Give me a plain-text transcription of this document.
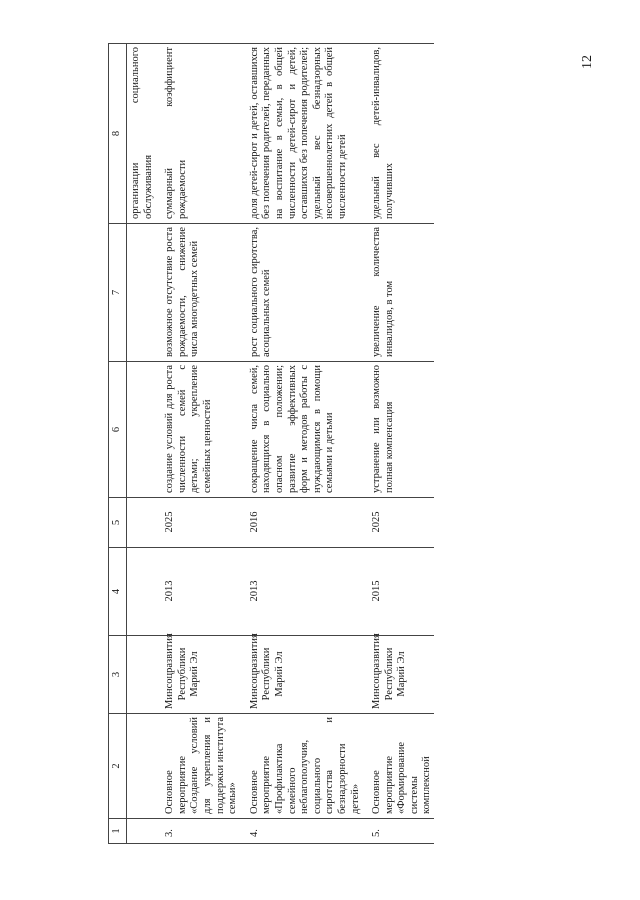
12
1	2	3	4	5	6	7	8
							организации социального обслуживания
3.	Основное мероприятие «Создание условий для укрепления и поддержки института семьи»	Минсоцразвития Республики Марий Эл	2013	2025	создание условий для роста численности семей с детьми; укрепление семейных ценностей	возможное отсутствие роста рождаемости, снижение числа многодетных семей	суммарный коэффициент рождаемости
4.	Основное мероприятие «Профилактика семейного неблагополучия, социального сиротства и безнадзорности детей»	Минсоцразвития Республики Марий Эл	2013	2016	сокращение числа семей, находящихся в социально опасном положении; развитие эффективных форм и методов работы с нуждающимися в помощи семьями и детьми	рост социального сиротства, асоциальных семей	доля детей-сирот и детей, оставшихся без попечения родителей, переданных на воспитание в семьи, в общей численности детей-сирот и детей, оставшихся без попечения родителей; удельный вес безнадзорных несовершеннолетних детей в общей численности детей
5.	Основное мероприятие «Формирование системы комплексной	Минсоцразвития Республики Марий Эл	2015	2025	устранение или возможно полная компенсация	увеличение количества инвалидов, в том	удельный вес детей-инвалидов, получивших
